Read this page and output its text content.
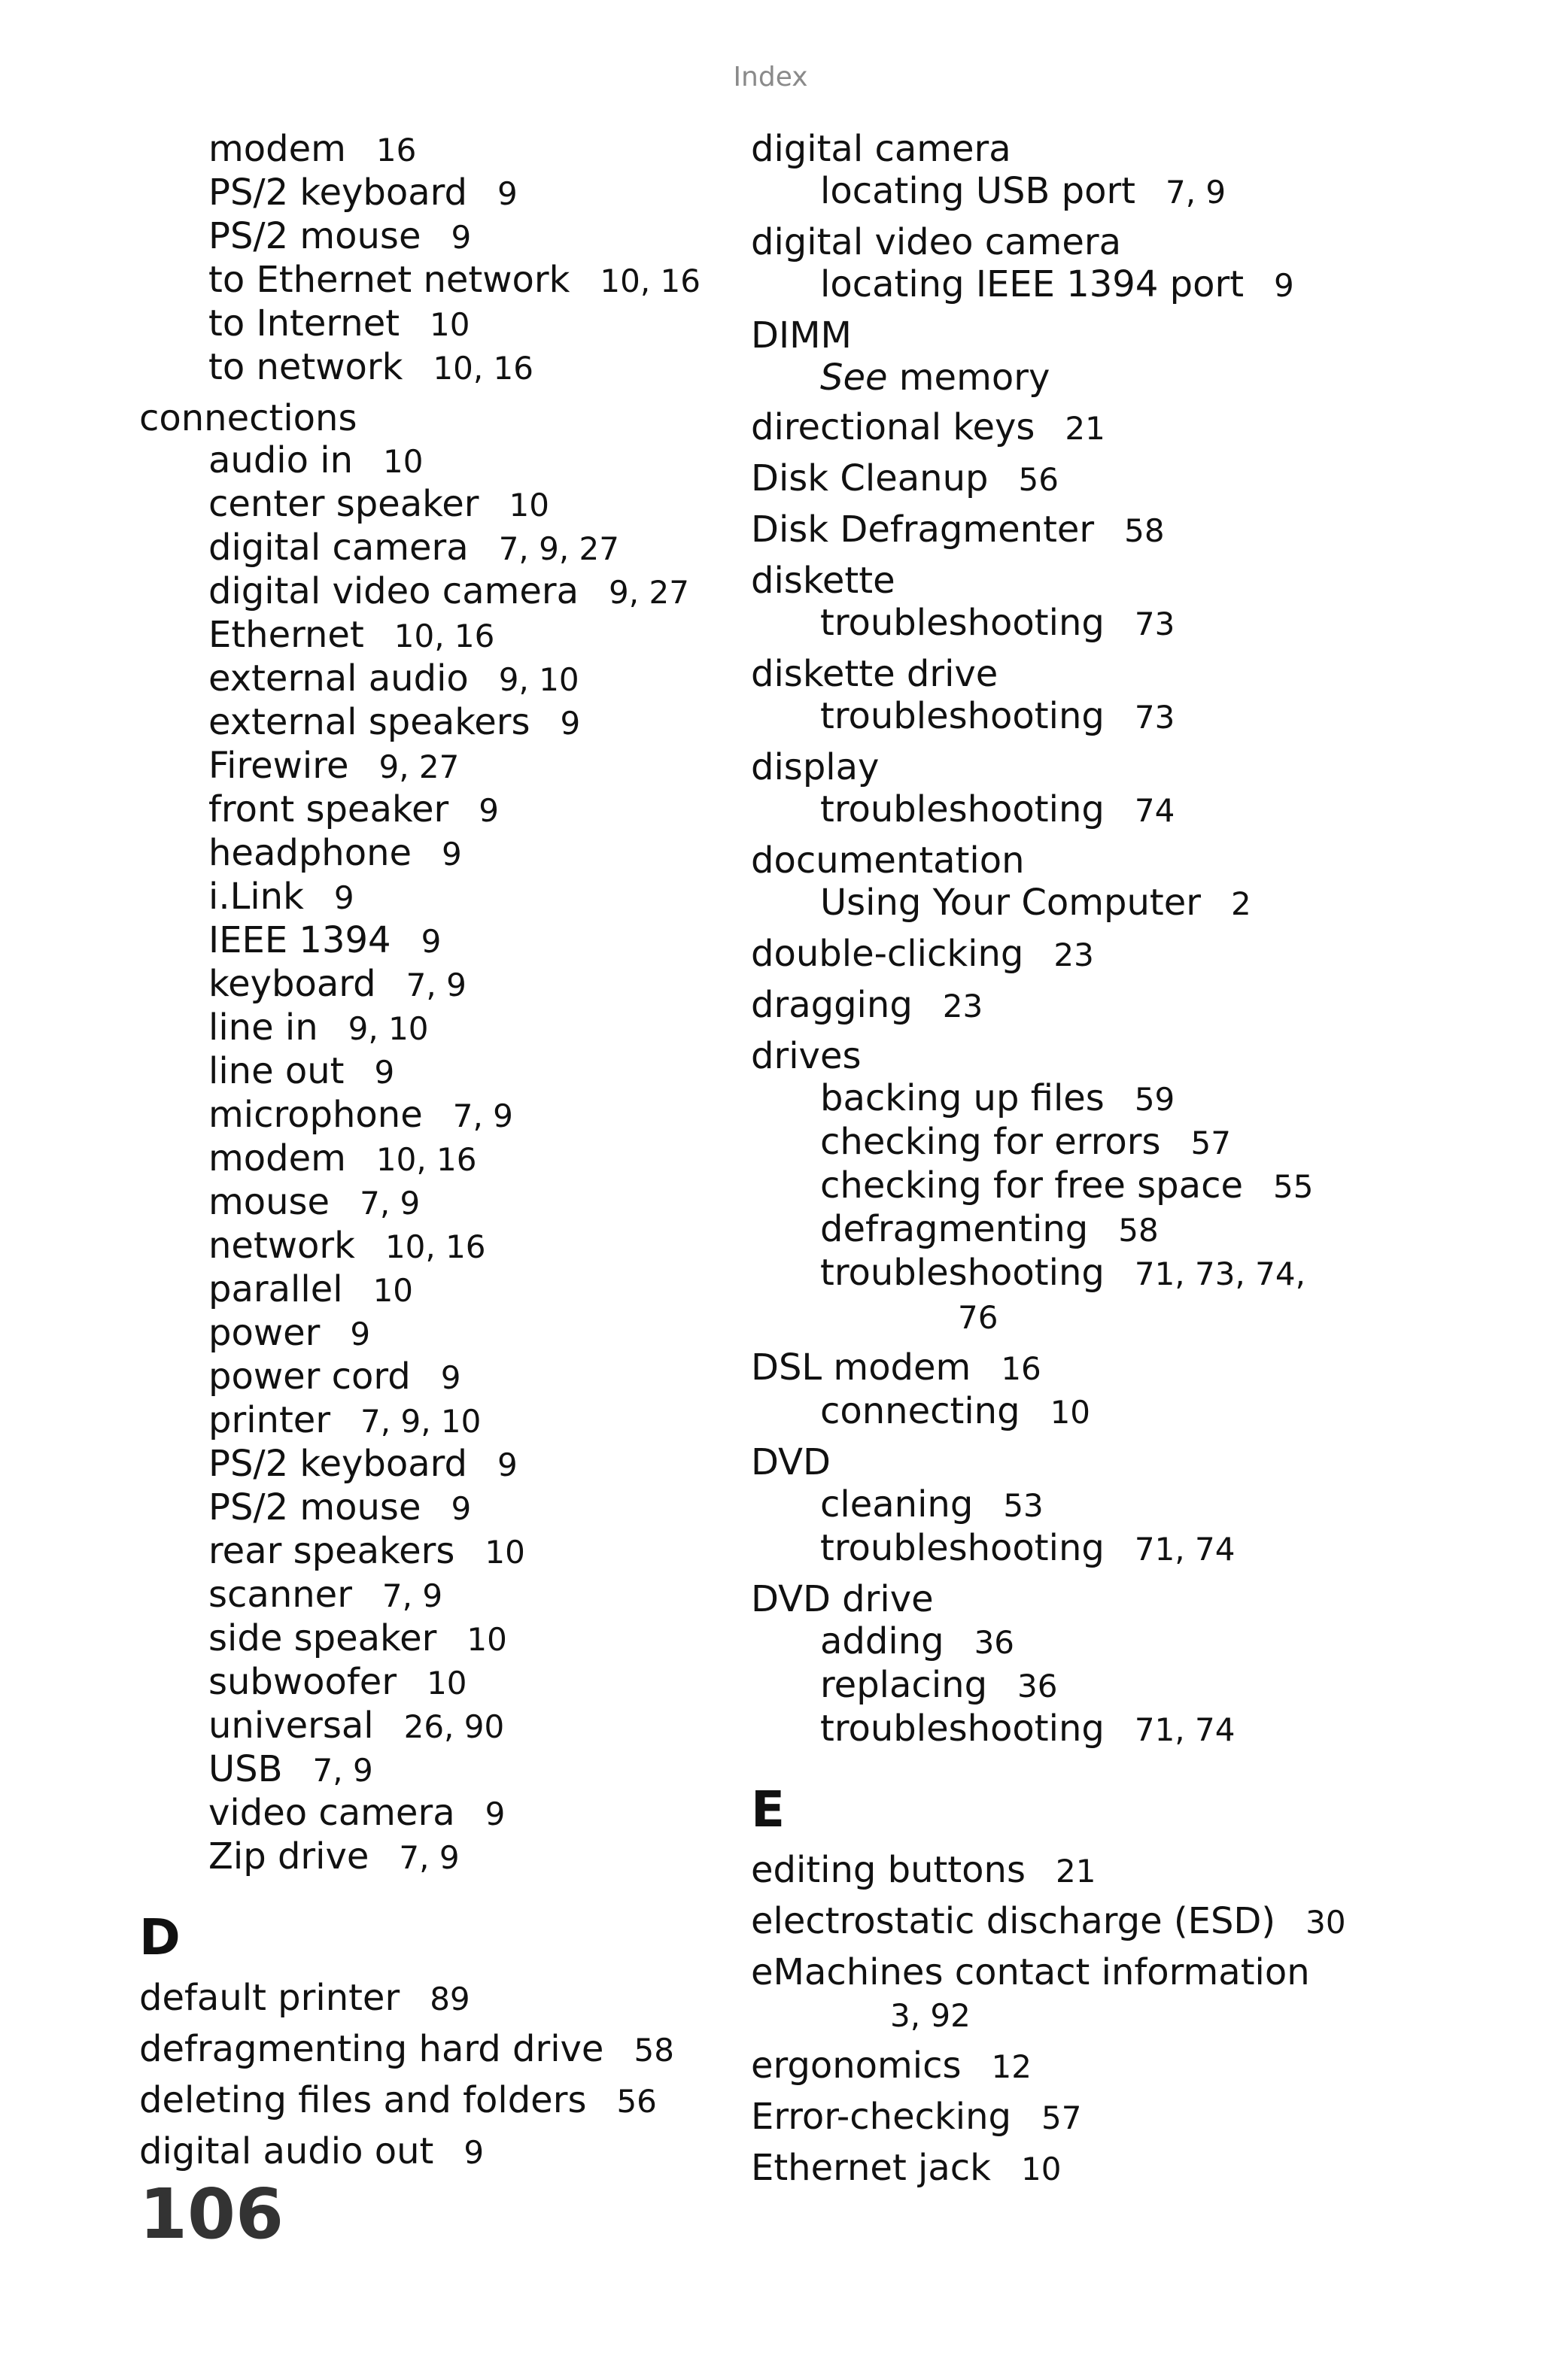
Index
modem 16
PS/2 keyboard 9
PS/2 mouse 9
to Ethernet network 10, 16
to Internet 10
to network 10, 16
connections
audio in 10
center speaker 10
digital camera 7, 9, 27
digital video camera 9, 27
Ethernet 10, 16
external audio 9, 10
external speakers 9
Firewire 9, 27
front speaker 9
headphone 9
i.Link 9
IEEE 1394 9
keyboard 7, 9
line in 9, 10
line out 9
microphone 7, 9
modem 10, 16
mouse 7, 9
network 10, 16
parallel 10
power 9
power cord 9
printer 7, 9, 10
PS/2 keyboard 9
PS/2 mouse 9
rear speakers 10
scanner 7, 9
side speaker 10
subwoofer 10
universal 26, 90
USB 7, 9
video camera 9
Zip drive 7, 9
D
default printer 89
defragmenting hard drive 58
deleting files and folders 56
digital audio out 9
digital camera
locating USB port 7, 9
digital video camera
locating IEEE 1394 port 9
DIMM
See memory
directional keys 21
Disk Cleanup 56
Disk Defragmenter 58
diskette
troubleshooting 73
diskette drive
troubleshooting 73
display
troubleshooting 74
documentation
Using Your Computer 2
double-clicking 23
dragging 23
drives
backing up files 59
checking for errors 57
checking for free space 55
defragmenting 58
troubleshooting 71, 73, 74,
76
DSL modem 16
connecting 10
DVD
cleaning 53
troubleshooting 71, 74
DVD drive
adding 36
replacing 36
troubleshooting 71, 74
E
editing buttons 21
electrostatic discharge (ESD) 30
eMachines contact information
3, 92
ergonomics 12
Error-checking 57
Ethernet jack 10
106
